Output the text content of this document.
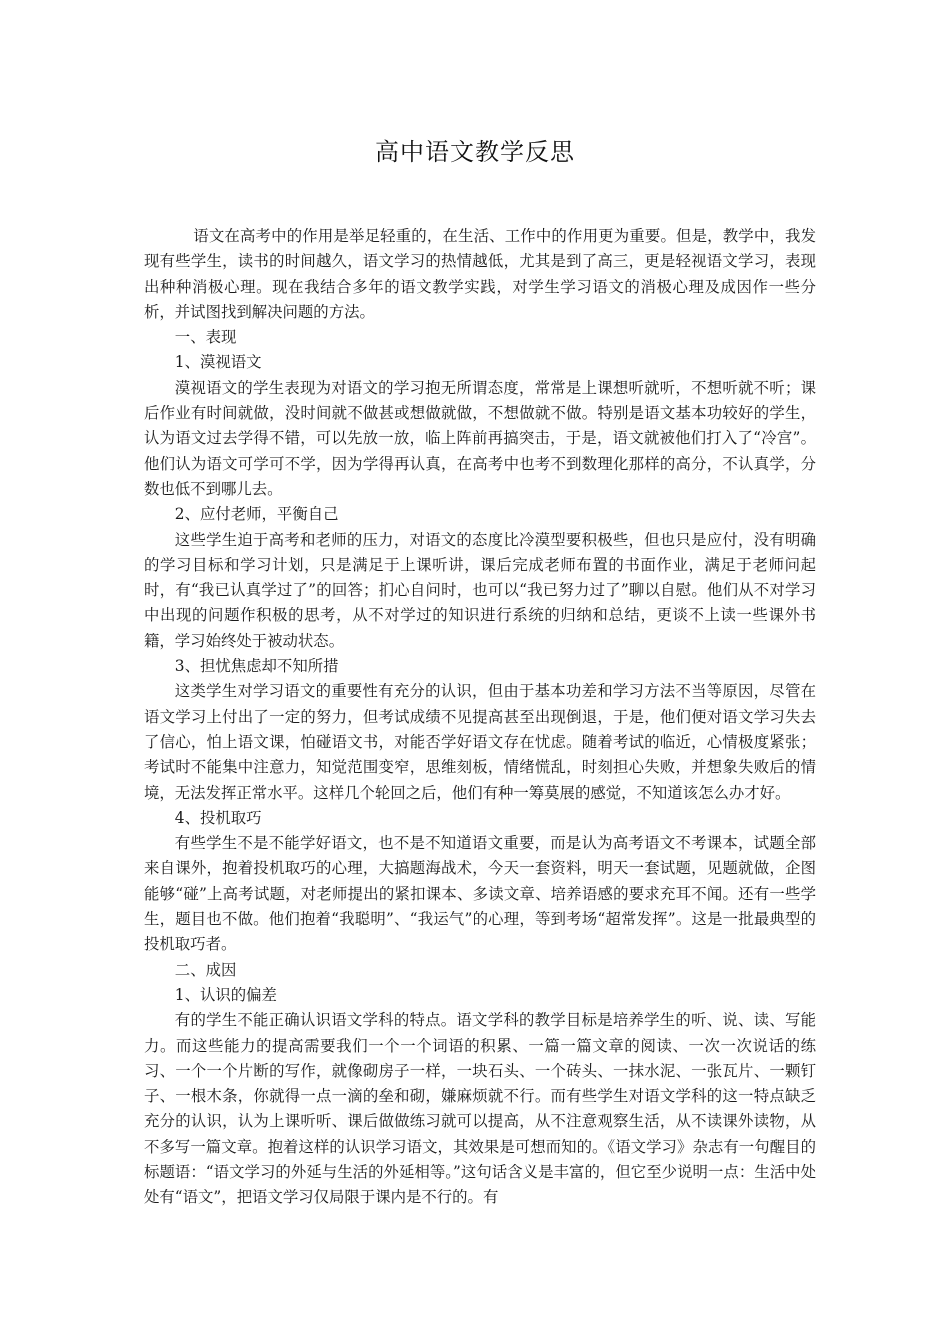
高中语文教学反思

语文在高考中的作用是举足轻重的，在生活、工作中的作用更为重要。但是，教学中，我发现有些学生，读书的时间越久，语文学习的热情越低，尤其是到了高三，更是轻视语文学习，表现出种种消极心理。现在我结合多年的语文教学实践，对学生学习语文的消极心理及成因作一些分析，并试图找到解决问题的方法。

一、表现

1、漠视语文

漠视语文的学生表现为对语文的学习抱无所谓态度，常常是上课想听就听，不想听就不听；课后作业有时间就做，没时间就不做甚或想做就做，不想做就不做。特别是语文基本功较好的学生，认为语文过去学得不错，可以先放一放，临上阵前再搞突击，于是，语文就被他们打入了“冷宫”。他们认为语文可学可不学，因为学得再认真，在高考中也考不到数理化那样的高分，不认真学，分数也低不到哪儿去。

2、应付老师，平衡自己

这些学生迫于高考和老师的压力，对语文的态度比冷漠型要积极些，但也只是应付，没有明确的学习目标和学习计划，只是满足于上课听讲，课后完成老师布置的书面作业，满足于老师问起时，有“我已认真学过了”的回答；扪心自问时，也可以“我已努力过了”聊以自慰。他们从不对学习中出现的问题作积极的思考，从不对学过的知识进行系统的归纳和总结，更谈不上读一些课外书籍，学习始终处于被动状态。

3、担忧焦虑却不知所措

这类学生对学习语文的重要性有充分的认识，但由于基本功差和学习方法不当等原因，尽管在语文学习上付出了一定的努力，但考试成绩不见提高甚至出现倒退，于是，他们便对语文学习失去了信心，怕上语文课，怕碰语文书，对能否学好语文存在忧虑。随着考试的临近，心情极度紧张；考试时不能集中注意力，知觉范围变窄，思维刻板，情绪慌乱，时刻担心失败，并想象失败后的情境，无法发挥正常水平。这样几个轮回之后，他们有种一筹莫展的感觉，不知道该怎么办才好。

4、投机取巧

有些学生不是不能学好语文，也不是不知道语文重要，而是认为高考语文不考课本，试题全部来自课外，抱着投机取巧的心理，大搞题海战术，今天一套资料，明天一套试题，见题就做，企图能够“碰”上高考试题，对老师提出的紧扣课本、多读文章、培养语感的要求充耳不闻。还有一些学生，题目也不做。他们抱着“我聪明”、“我运气”的心理，等到考场“超常发挥”。这是一批最典型的投机取巧者。

二、成因

1、认识的偏差

有的学生不能正确认识语文学科的特点。语文学科的教学目标是培养学生的听、说、读、写能力。而这些能力的提高需要我们一个一个词语的积累、一篇一篇文章的阅读、一次一次说话的练习、一个一个片断的写作，就像砌房子一样，一块石头、一个砖头、一抹水泥、一张瓦片、一颗钉子、一根木条，你就得一点一滴的垒和砌，嫌麻烦就不行。而有些学生对语文学科的这一特点缺乏充分的认识，认为上课听听、课后做做练习就可以提高，从不注意观察生活，从不读课外读物，从不多写一篇文章。抱着这样的认识学习语文，其效果是可想而知的。《语文学习》杂志有一句醒目的标题语：“语文学习的外延与生活的外延相等。”这句话含义是丰富的，但它至少说明一点：生活中处处有“语文”，把语文学习仅局限于课内是不行的。有
